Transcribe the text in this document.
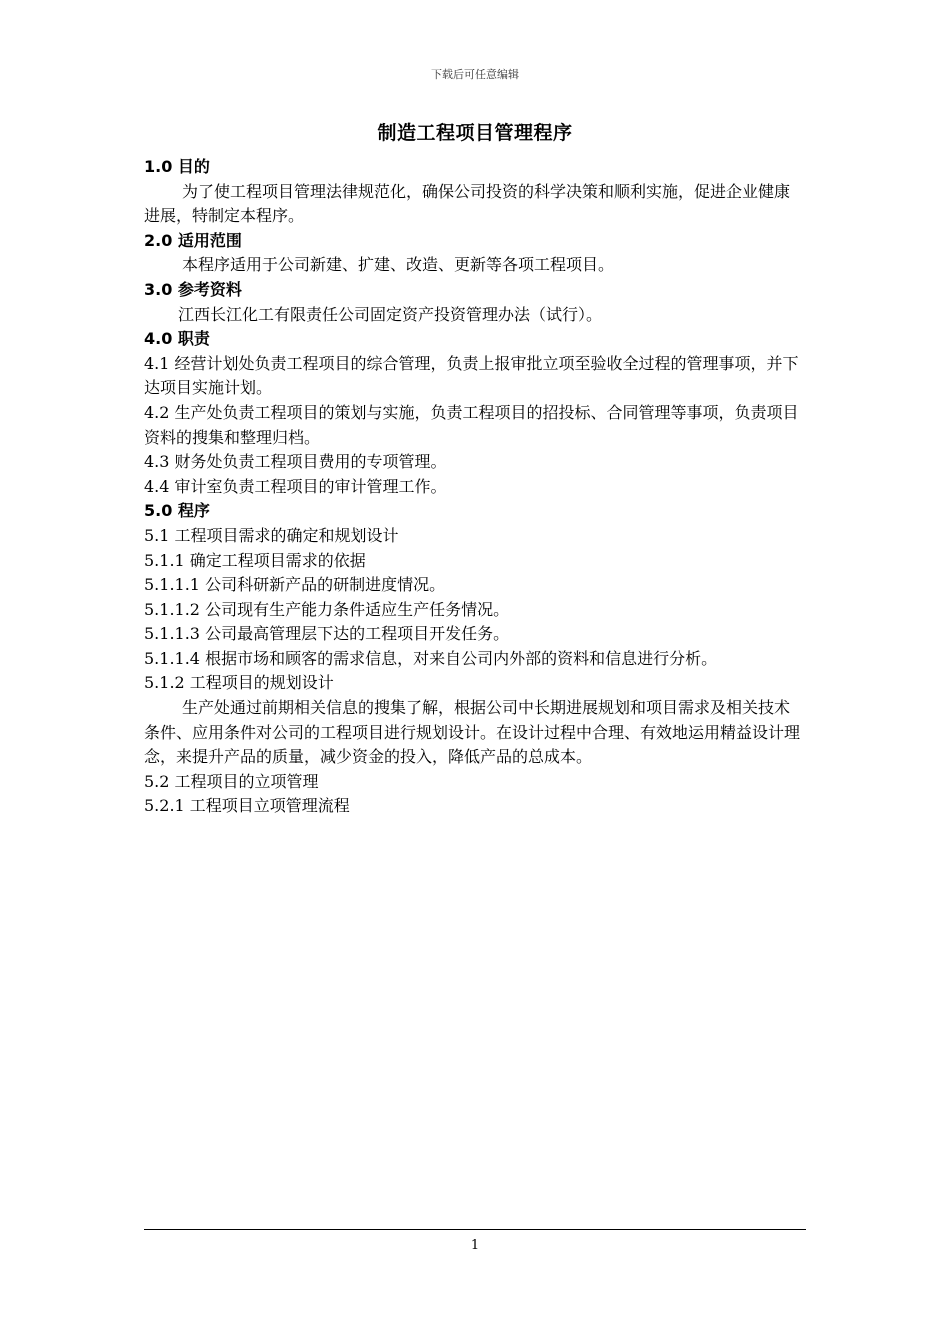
下载后可任意编辑
制造工程项目管理程序

1.0 目的

为了使工程项目管理法律规范化，确保公司投资的科学决策和顺利实施，促进企业健康进展，特制定本程序。

2.0 适用范围

本程序适用于公司新建、扩建、改造、更新等各项工程项目。

3.0 参考资料

江西长江化工有限责任公司固定资产投资管理办法（试行）。

4.0 职责

4.1 经营计划处负责工程项目的综合管理，负责上报审批立项至验收全过程的管理事项，并下达项目实施计划。

4.2 生产处负责工程项目的策划与实施，负责工程项目的招投标、合同管理等事项，负责项目资料的搜集和整理归档。

4.3 财务处负责工程项目费用的专项管理。

4.4 审计室负责工程项目的审计管理工作。

5.0 程序

5.1 工程项目需求的确定和规划设计

5.1.1 确定工程项目需求的依据

5.1.1.1 公司科研新产品的研制进度情况。

5.1.1.2 公司现有生产能力条件适应生产任务情况。

5.1.1.3 公司最高管理层下达的工程项目开发任务。

5.1.1.4 根据市场和顾客的需求信息，对来自公司内外部的资料和信息进行分析。

5.1.2 工程项目的规划设计

生产处通过前期相关信息的搜集了解，根据公司中长期进展规划和项目需求及相关技术条件、应用条件对公司的工程项目进行规划设计。在设计过程中合理、有效地运用精益设计理念，来提升产品的质量，减少资金的投入，降低产品的总成本。

5.2 工程项目的立项管理

5.2.1 工程项目立项管理流程

1
